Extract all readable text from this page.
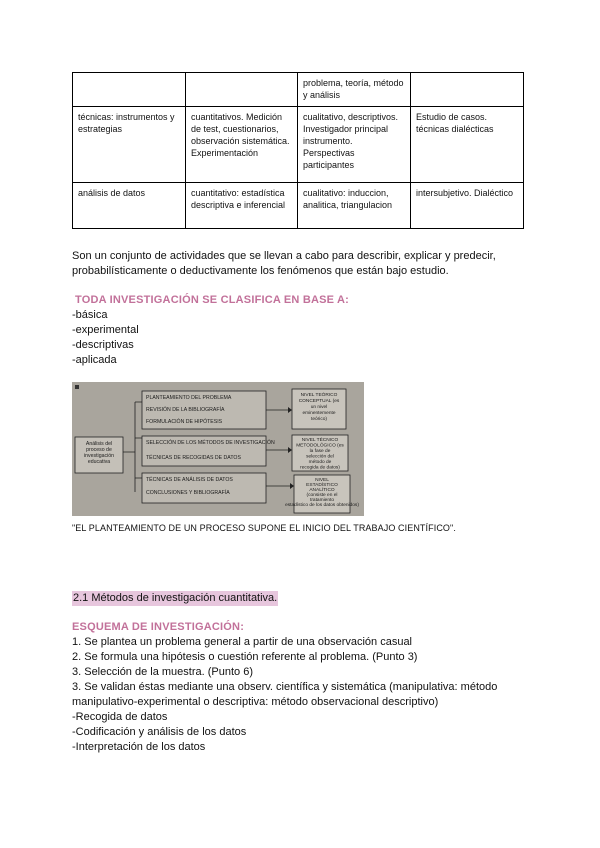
		problema, teoría, método y análisis	
técnicas: instrumentos y estrategias	cuantitativos. Medición de test, cuestionarios, observación sistemática. Experimentación	cualitativo, descriptivos. Investigador principal instrumento. Perspectivas participantes	Estudio de casos. técnicas dialécticas
análisis de datos	cuantitativo: estadística descriptiva e inferencial	cualitativo: induccion, analitica, triangulacion	intersubjetivo. Dialéctico
Son un conjunto de actividades que se llevan a cabo para describir, explicar y predecir, probabilísticamente o deductivamente los fenómenos que están bajo estudio.
TODA INVESTIGACIÓN SE CLASIFICA EN BASE A:
-básica
-experimental
-descriptivas
-aplicada
Análisis del proceso de investigación educativa
PLANTEAMIENTO DEL PROBLEMA
REVISIÓN DE LA BIBLIOGRAFÍA
FORMULACIÓN DE HIPÓTESIS
SELECCIÓN DE LOS MÉTODOS DE INVESTIGACIÓN
TÉCNICAS DE RECOGIDAS DE DATOS
TÉCNICAS DE ANÁLISIS DE DATOS
CONCLUSIONES Y BIBLIOGRAFÍA
NIVEL TEÓRICO CONCEPTUAL (es un nivel eminentemente teórico)
NIVEL TÉCNICO METODOLÓGICO (es la fase de selección del método de recogida de datos)
NIVEL ESTADÍSTICO ANALÍTICO (consiste en el tratamiento estadístico de los datos obtenidos)
"EL PLANTEAMIENTO DE UN PROCESO SUPONE EL INICIO DEL TRABAJO CIENTÍFICO".
2.1 Métodos de investigación cuantitativa.
ESQUEMA DE INVESTIGACIÓN:
1. Se plantea un problema general a partir de una observación casual
2. Se formula una hipótesis o cuestión referente al problema. (Punto 3)
3. Selección de la muestra. (Punto 6)
3. Se validan éstas mediante una observ. científica y sistemática (manipulativa: método manipulativo-experimental o descriptiva: método observacional descriptivo)
-Recogida de datos
-Codificación y análisis de los datos
-Interpretación de los datos
